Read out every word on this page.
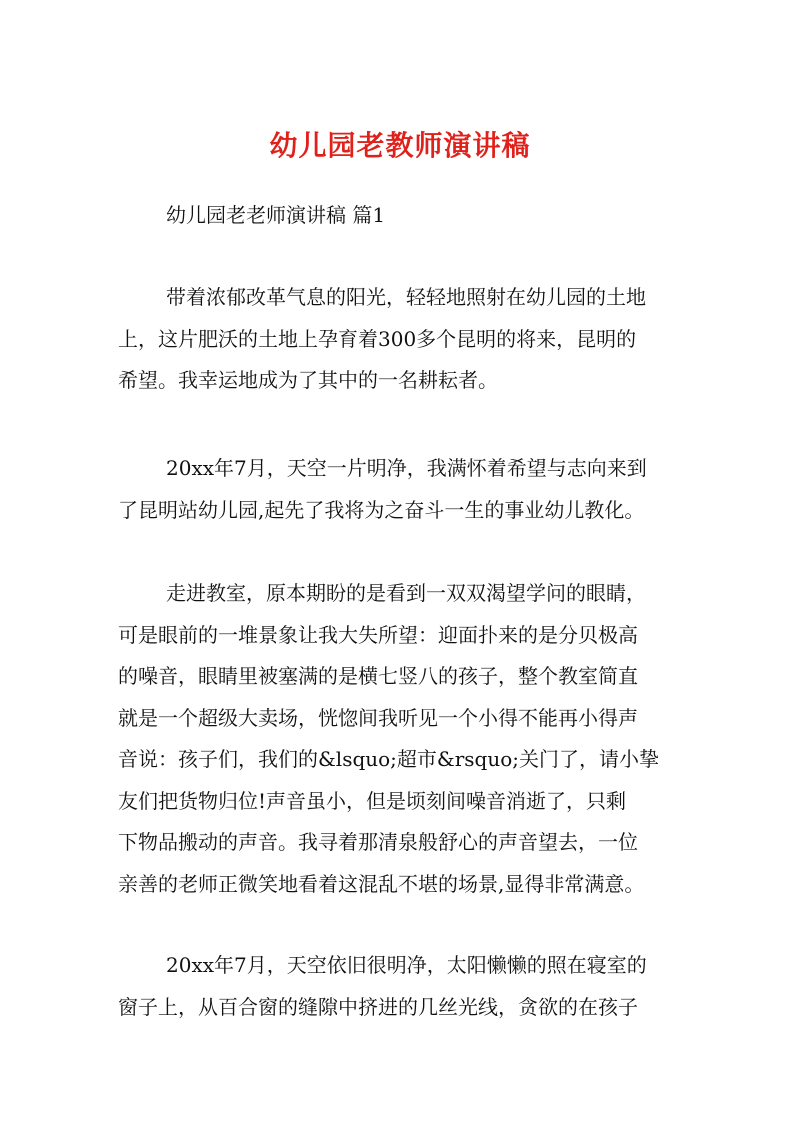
幼儿园老教师演讲稿
幼儿园老老师演讲稿 篇1
带着浓郁改革气息的阳光，轻轻地照射在幼儿园的土地
上，这片肥沃的土地上孕育着300多个昆明的将来，昆明的
希望。我幸运地成为了其中的一名耕耘者。
20xx年7月，天空一片明净，我满怀着希望与志向来到
了昆明站幼儿园,起先了我将为之奋斗一生的事业幼儿教化。
走进教室，原本期盼的是看到一双双渴望学问的眼睛，
可是眼前的一堆景象让我大失所望：迎面扑来的是分贝极高
的噪音，眼睛里被塞满的是横七竖八的孩子，整个教室简直
就是一个超级大卖场，恍惚间我听见一个小得不能再小得声
音说：孩子们，我们的&lsquo;超市&rsquo;关门了，请小挚
友们把货物归位!声音虽小，但是顷刻间噪音消逝了，只剩
下物品搬动的声音。我寻着那清泉般舒心的声音望去，一位
亲善的老师正微笑地看着这混乱不堪的场景,显得非常满意。
20xx年7月，天空依旧很明净，太阳懒懒的照在寝室的
窗子上，从百合窗的缝隙中挤进的几丝光线，贪欲的在孩子
